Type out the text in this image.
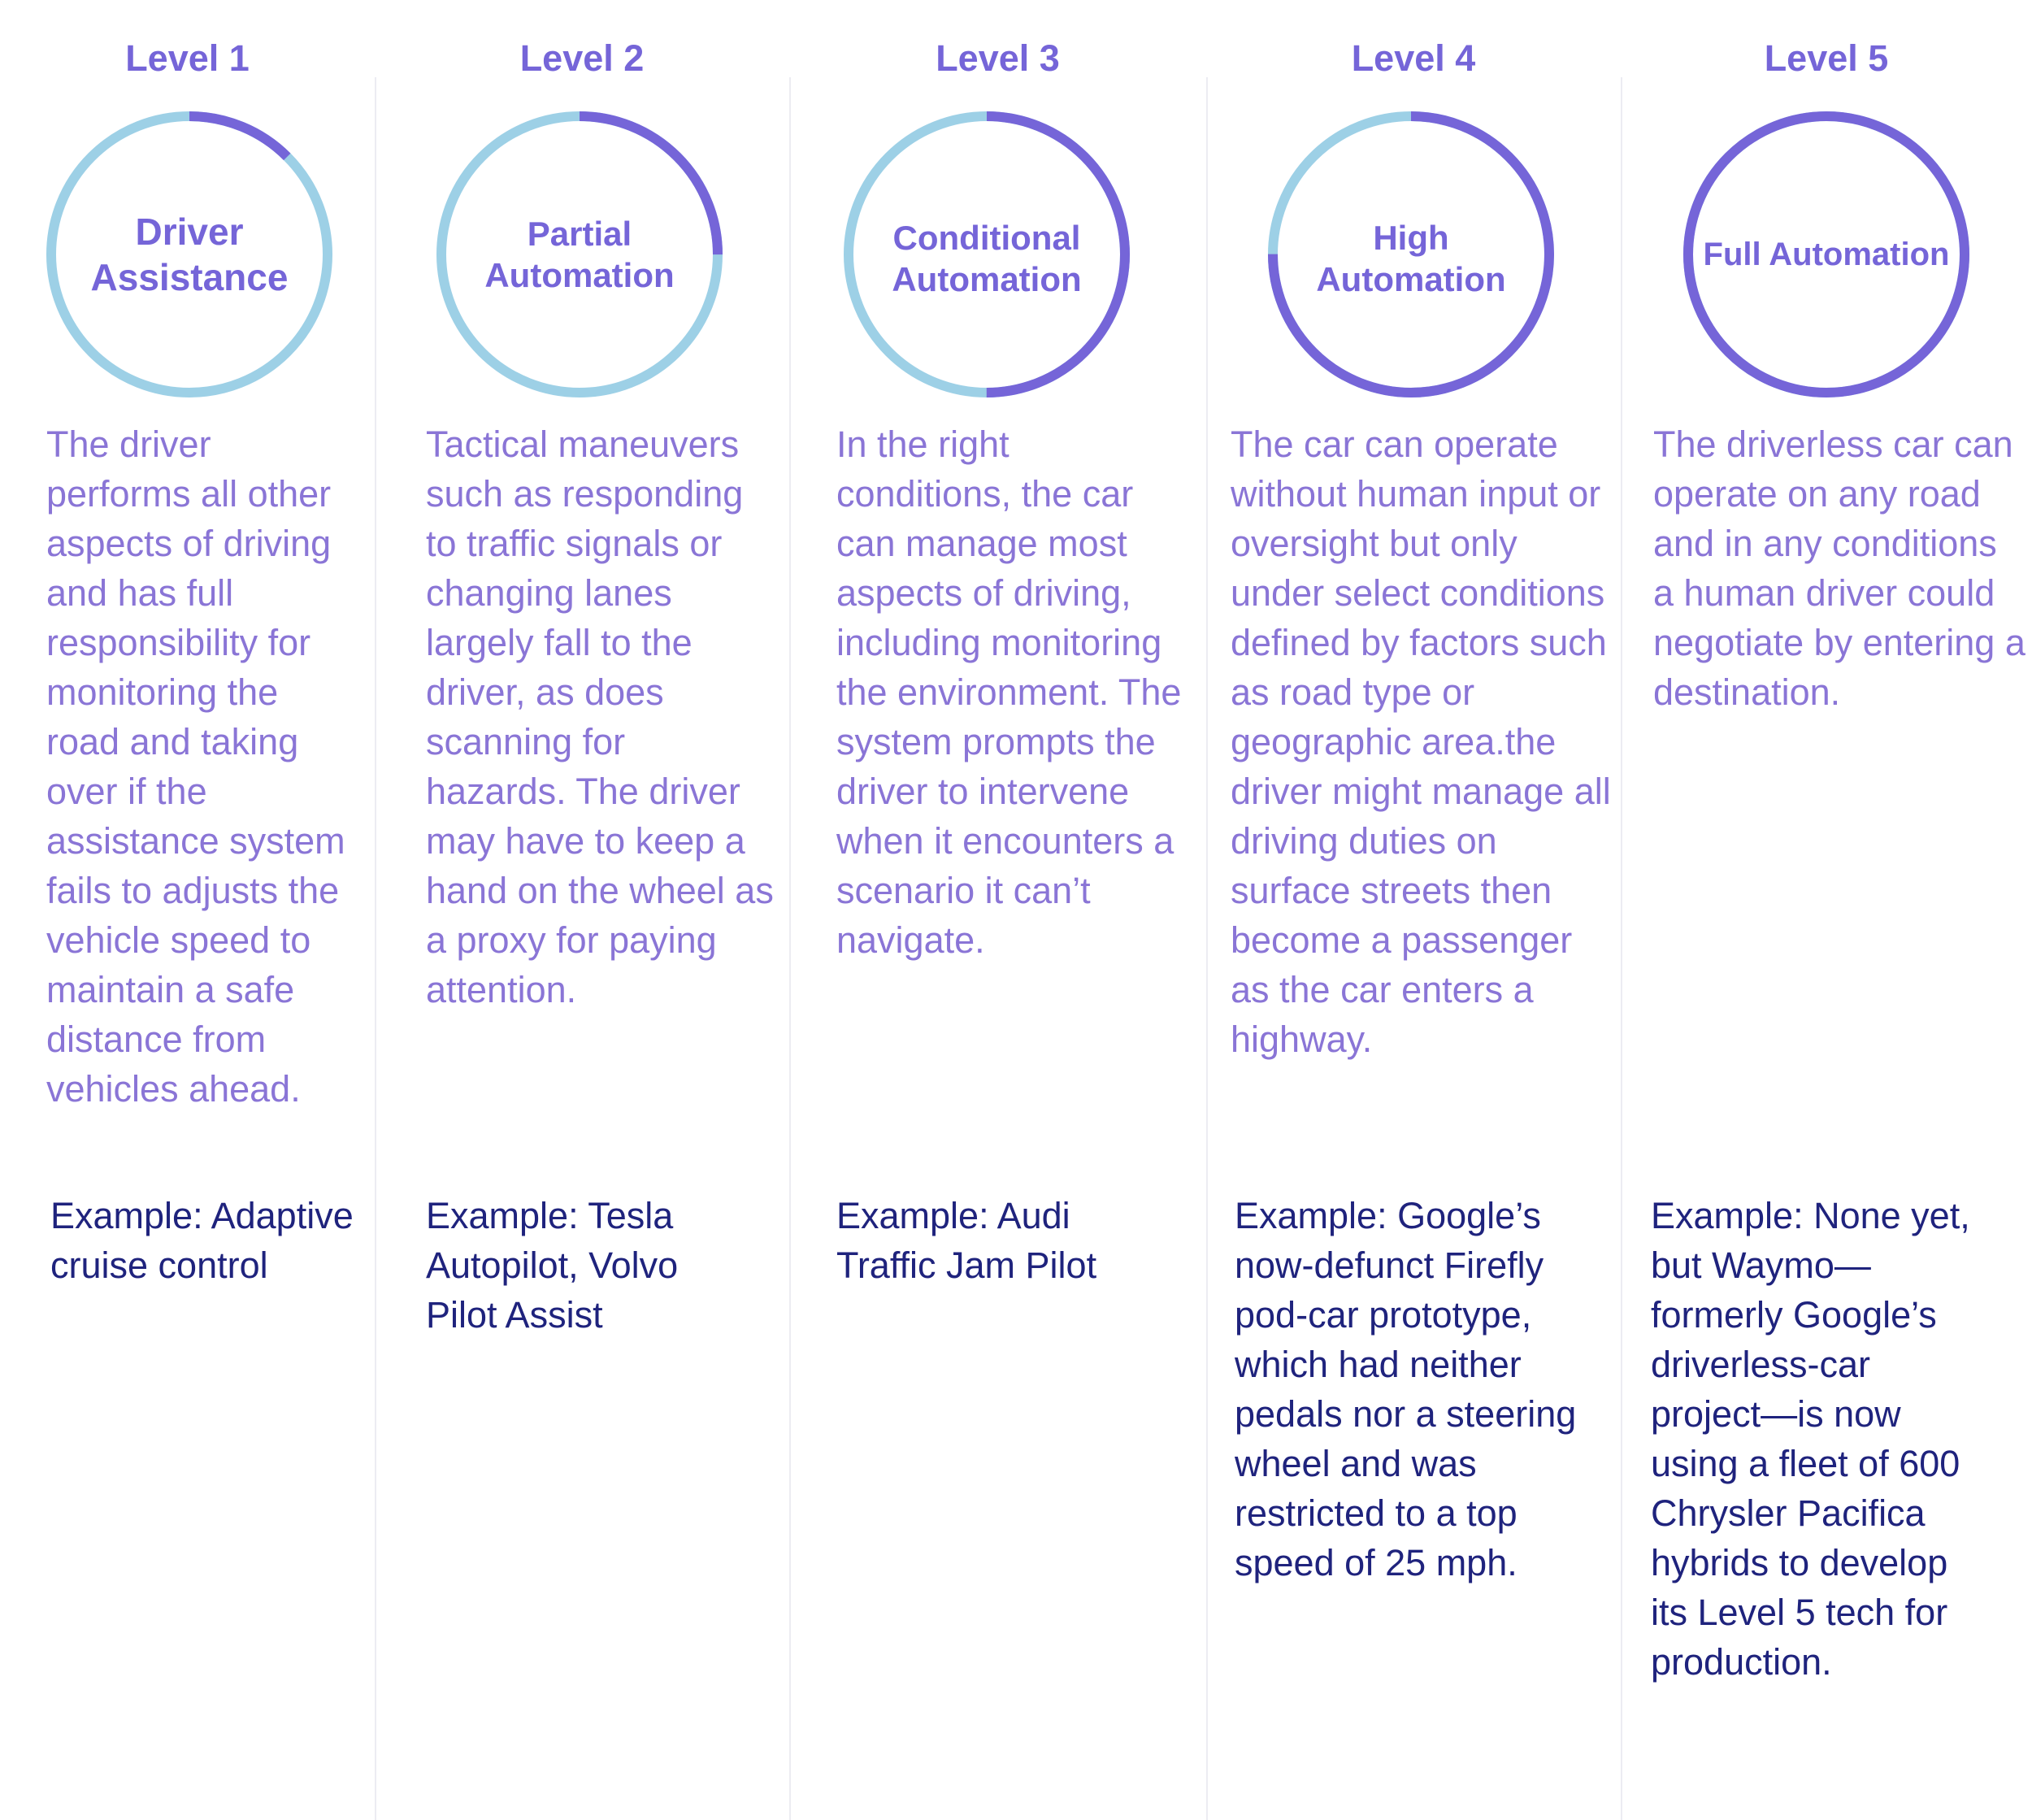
Level 1
Driver Assistance
The driver performs all other aspects of driving and has full responsibility for monitoring the road and taking over if the assistance system fails to adjusts the vehicle speed to maintain a safe distance from vehicles ahead.
Example: Adaptive cruise control
Level 2
Partial Automation
Tactical maneuvers such as responding to traffic signals or changing lanes largely fall to the driver, as does scanning for hazards. The driver may have to keep a hand on the wheel as a proxy for paying attention.
Example: Tesla Autopilot, Volvo Pilot Assist
Level 3
Conditional Automation
In the right conditions, the car can manage most aspects of driving, including monitoring the environment. The system prompts the driver to intervene when it encounters a scenario it can’t navigate.
Example: Audi Traffic Jam Pilot
Level 4
High Automation
The car can operate without human input or oversight but only under select conditions defined by factors such as road type or geographic area.the driver might manage all driving duties on surface streets then become a passenger as the car enters a highway.
Example: Google’s now-defunct Firefly pod-car prototype, which had neither pedals nor a steering wheel and was restricted to a top speed of 25 mph.
Level 5
Full Automation
The driverless car can operate on any road and in any conditions a human driver could negotiate by entering a destination.
Example: None yet, but Waymo—formerly Google’s driverless-car project—is now using a fleet of 600 Chrysler Pacifica hybrids to develop its Level 5 tech for production.
